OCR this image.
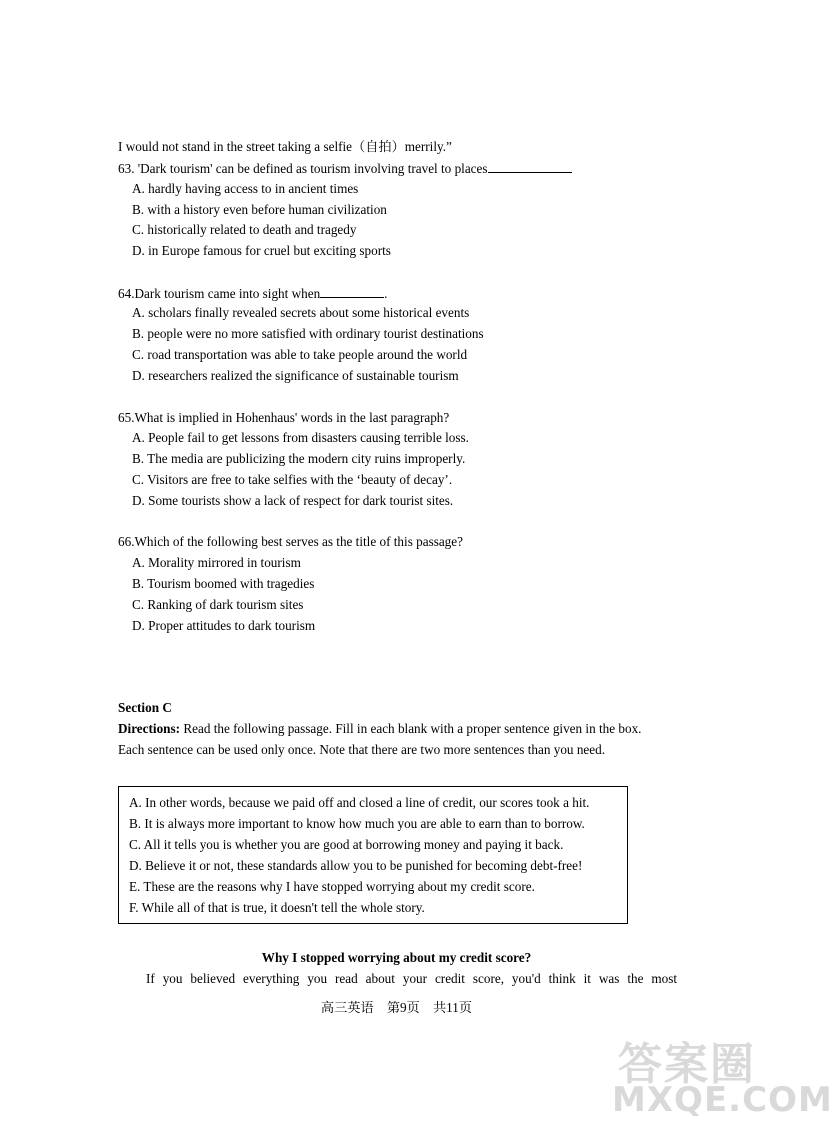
I would not stand in the street taking a selfie（自拍）merrily.”
63. 'Dark tourism' can be defined as tourism involving travel to places
A. hardly having access to in ancient times
B. with a history even before human civilization
C. historically related to death and tragedy
D. in Europe famous for cruel but exciting sports
64.Dark tourism came into sight when	.
A. scholars finally revealed secrets about some historical events
B. people were no more satisfied with ordinary tourist destinations
C. road transportation was able to take people around the world
D. researchers realized the significance of sustainable tourism
65.What is implied in Hohenhaus' words in the last paragraph?
A. People fail to get lessons from disasters causing terrible loss.
B. The media are publicizing the modern city ruins improperly.
C. Visitors are free to take selfies with the ‘beauty of decay’.
D. Some tourists show a lack of respect for dark tourist sites.
66.Which of the following best serves as the title of this passage?
A. Morality mirrored in tourism
B. Tourism boomed with tragedies
C. Ranking of dark tourism sites
D. Proper attitudes to dark tourism
Section C
Directions: Read the following passage. Fill in each blank with a proper sentence given in the box.
Each sentence can be used only once. Note that there are two more sentences than you need.
A. In other words, because we paid off and closed a line of credit, our scores took a hit.
B. It is always more important to know how much you are able to earn than to borrow.
C. All it tells you is whether you are good at borrowing money and paying it back.
D. Believe it or not, these standards allow you to be punished for becoming debt-free!
E. These are the reasons why I have stopped worrying about my credit score.
F. While all of that is true, it doesn't tell the whole story.
Why I stopped worrying about my credit score?
If you believed everything you read about your credit score, you'd think it was the most
高三英语　第9页　共11页
答案圈
MXQE.COM
